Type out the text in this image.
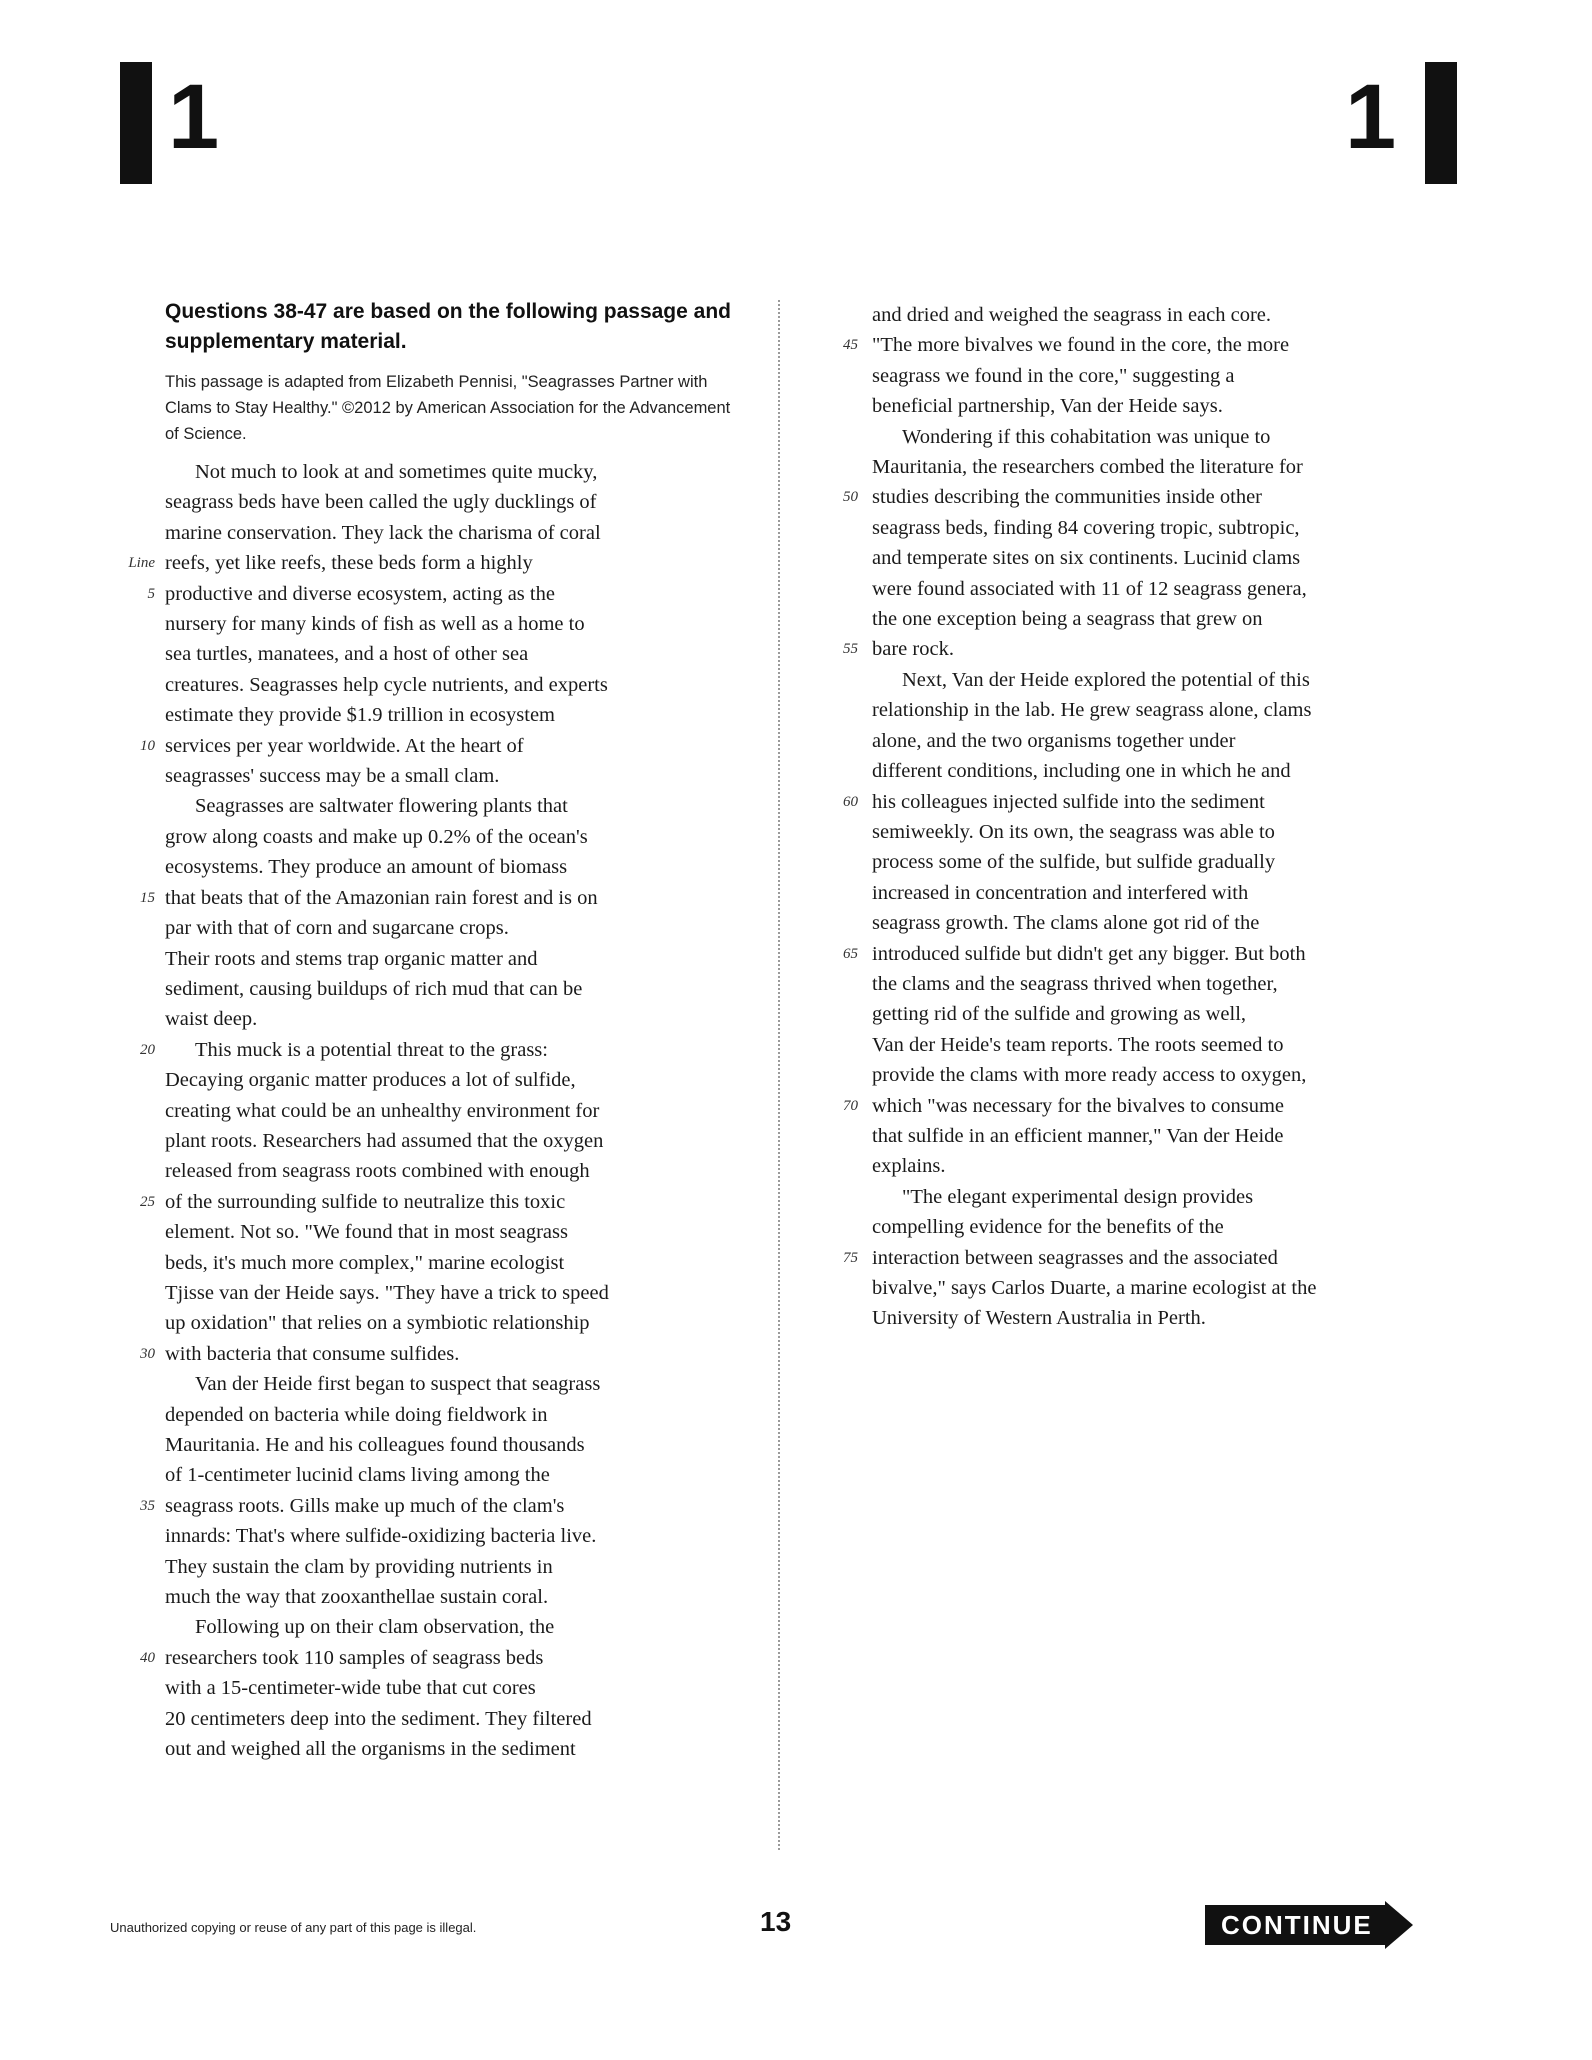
1	1

Questions 38-47 are based on the following passage and supplementary material.

This passage is adapted from Elizabeth Pennisi, "Seagrasses Partner with Clams to Stay Healthy." ©2012 by American Association for the Advancement of Science.

Not much to look at and sometimes quite mucky,
seagrass beds have been called the ugly ducklings of
marine conservation. They lack the charisma of coral
Line reefs, yet like reefs, these beds form a highly
5 productive and diverse ecosystem, acting as the
nursery for many kinds of fish as well as a home to
sea turtles, manatees, and a host of other sea
creatures. Seagrasses help cycle nutrients, and experts
estimate they provide $1.9 trillion in ecosystem
10 services per year worldwide. At the heart of
seagrasses' success may be a small clam.
Seagrasses are saltwater flowering plants that
grow along coasts and make up 0.2% of the ocean's
ecosystems. They produce an amount of biomass
15 that beats that of the Amazonian rain forest and is on
par with that of corn and sugarcane crops.
Their roots and stems trap organic matter and
sediment, causing buildups of rich mud that can be
waist deep.
20 This muck is a potential threat to the grass:
Decaying organic matter produces a lot of sulfide,
creating what could be an unhealthy environment for
plant roots. Researchers had assumed that the oxygen
released from seagrass roots combined with enough
25 of the surrounding sulfide to neutralize this toxic
element. Not so. "We found that in most seagrass
beds, it's much more complex," marine ecologist
Tjisse van der Heide says. "They have a trick to speed
up oxidation" that relies on a symbiotic relationship
30 with bacteria that consume sulfides.
Van der Heide first began to suspect that seagrass
depended on bacteria while doing fieldwork in
Mauritania. He and his colleagues found thousands
of 1-centimeter lucinid clams living among the
35 seagrass roots. Gills make up much of the clam's
innards: That's where sulfide-oxidizing bacteria live.
They sustain the clam by providing nutrients in
much the way that zooxanthellae sustain coral.
Following up on their clam observation, the
40 researchers took 110 samples of seagrass beds
with a 15-centimeter-wide tube that cut cores
20 centimeters deep into the sediment. They filtered
out and weighed all the organisms in the sediment
and dried and weighed the seagrass in each core.
45 "The more bivalves we found in the core, the more
seagrass we found in the core," suggesting a
beneficial partnership, Van der Heide says.
Wondering if this cohabitation was unique to
Mauritania, the researchers combed the literature for
50 studies describing the communities inside other
seagrass beds, finding 84 covering tropic, subtropic,
and temperate sites on six continents. Lucinid clams
were found associated with 11 of 12 seagrass genera,
the one exception being a seagrass that grew on
55 bare rock.
Next, Van der Heide explored the potential of this
relationship in the lab. He grew seagrass alone, clams
alone, and the two organisms together under
different conditions, including one in which he and
60 his colleagues injected sulfide into the sediment
semiweekly. On its own, the seagrass was able to
process some of the sulfide, but sulfide gradually
increased in concentration and interfered with
seagrass growth. The clams alone got rid of the
65 introduced sulfide but didn't get any bigger. But both
the clams and the seagrass thrived when together,
getting rid of the sulfide and growing as well,
Van der Heide's team reports. The roots seemed to
provide the clams with more ready access to oxygen,
70 which "was necessary for the bivalves to consume
that sulfide in an efficient manner," Van der Heide
explains.
"The elegant experimental design provides
compelling evidence for the benefits of the
75 interaction between seagrasses and the associated
bivalve," says Carlos Duarte, a marine ecologist at the
University of Western Australia in Perth.
Unauthorized copying or reuse of any part of this page is illegal.	13	CONTINUE
